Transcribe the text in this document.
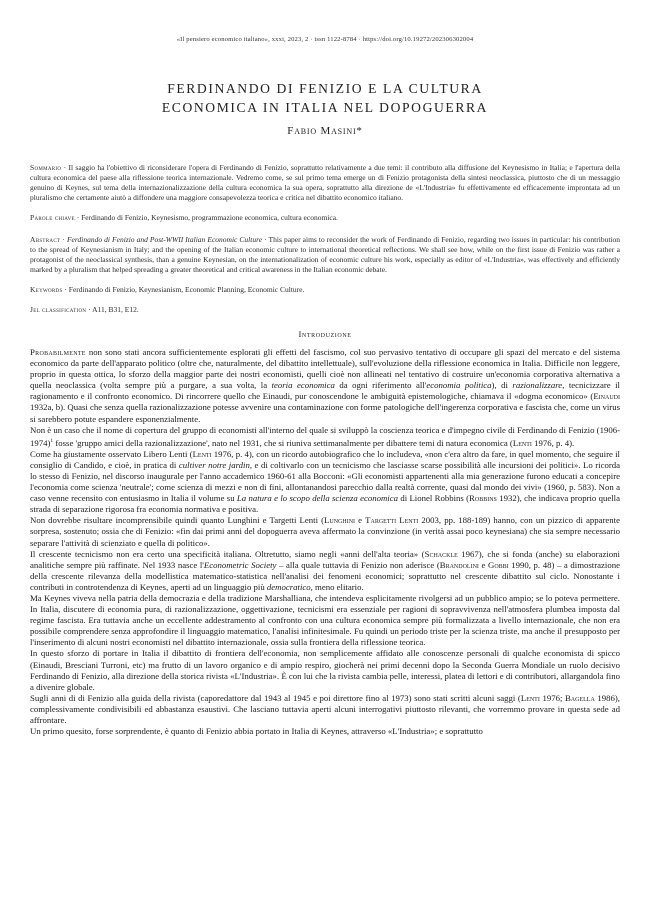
«Il pensiero economico italiano», xxxi, 2023, 2 · issn 1122-8784 · https://doi.org/10.19272/202306302004
FERDINANDO DI FENIZIO E LA CULTURA
ECONOMICA IN ITALIA NEL DOPOGUERRA
Fabio Masini*
Sommario · Il saggio ha l'obiettivo di riconsiderare l'opera di Ferdinando di Fenizio, soprattutto relativamente a due temi: il contributo alla diffusione del Keynesismo in Italia; e l'apertura della cultura economica del paese alla riflessione teorica internazionale. Vedremo come, se sul primo tema emerge un di Fenizio protagonista della sintesi neoclassica, piuttosto che di un messaggio genuino di Keynes, sul tema della internazionalizzazione della cultura economica la sua opera, soprattutto alla direzione de «L'Industria» fu effettivamente ed efficacemente improntata ad un pluralismo che certamente aiutò a diffondere una maggiore consapevolezza teorica e critica nel dibattito economico italiano.
Parole chiave · Ferdinando di Fenizio, Keynesismo, programmazione economica, cultura economica.
Abstract · Ferdinando di Fenizio and Post-WWII Italian Economic Culture · This paper aims to reconsider the work of Ferdinando di Fenizio, regarding two issues in particular: his contribution to the spread of Keynesianism in Italy; and the opening of the Italian economic culture to international theoretical reflections. We shall see how, while on the first issue di Fenizio was rather a protagonist of the neoclassical synthesis, than a genuine Keynesian, on the internationalization of economic culture his work, especially as editor of «L'Industria», was effectively and efficiently marked by a pluralism that helped spreading a greater theoretical and critical awareness in the Italian economic debate.
Keywords · Ferdinando di Fenizio, Keynesianism, Economic Planning, Economic Culture.
Jel classification · A11, B31, E12.
Introduzione

Probabilmente non sono stati ancora sufficientemente esplorati gli effetti del fascismo, col suo pervasivo tentativo di occupare gli spazi del mercato e del sistema economico da parte dell'apparato politico (oltre che, naturalmente, del dibattito intellettuale), sull'evoluzione della riflessione economica in Italia. Difficile non leggere, proprio in questa ottica, lo sforzo della maggior parte dei nostri economisti, quelli cioè non allineati nel tentativo di costruire un'economia corporativa alternativa a quella neoclassica (volta sempre più a purgare, a sua volta, la teoria economica da ogni riferimento all'economia politica), di razionalizzare, tecnicizzare il ragionamento e il confronto economico. Di rincorrere quello che Einaudi, pur conoscendone le ambiguità epistemologiche, chiamava il «dogma economico» (Einaudi 1932a, b). Quasi che senza quella razionalizzazione potesse avvenire una contaminazione con forme patologiche dell'ingerenza corporativa e fascista che, come un virus si sarebbero potute espandere esponenzialmente.

Non è un caso che il nome di copertura del gruppo di economisti all'interno del quale si sviluppò la coscienza teorica e d'impegno civile di Ferdinando di Fenizio (1906-1974)$^1$ fosse 'gruppo amici della razionalizzazione', nato nel 1931, che si riuniva settimanalmente per dibattere temi di natura economica (Lenti 1976, p. 4).

Come ha giustamente osservato Libero Lenti (Lenti 1976, p. 4), con un ricordo autobiografico che lo includeva, «non c'era altro da fare, in quel momento, che seguire il consiglio di Candido, e cioè, in pratica di cultiver notre jardin, e di coltivarlo con un tecnicismo che lasciasse scarse possibilità alle incursioni dei politici». Lo ricorda lo stesso di Fenizio, nel discorso inaugurale per l'anno accademico 1960-61 alla Bocconi: «Gli economisti appartenenti alla mia generazione furono educati a concepire l'economia come scienza 'neutrale'; come scienza di mezzi e non di fini, allontanandosi parecchio dalla realtà corrente, quasi dal mondo dei vivi» (1960, p. 583). Non a caso venne recensito con entusiasmo in Italia il volume su La natura e lo scopo della scienza economica di Lionel Robbins (Robbins 1932), che indicava proprio quella strada di separazione rigorosa fra economia normativa e positiva.

Non dovrebbe risultare incomprensibile quindi quanto Lunghini e Targetti Lenti (Lunghini e Targetti Lenti 2003, pp. 188-189) hanno, con un pizzico di apparente sorpresa, sostenuto; ossia che di Fenizio: «fin dai primi anni del dopoguerra aveva affermato la convinzione (in verità assai poco keynesiana) che sia sempre necessario separare l'attività di scienziato e quella di politico».

Il crescente tecnicismo non era certo una specificità italiana. Oltretutto, siamo negli «anni dell'alta teoria» (Schackle 1967), che si fonda (anche) su elaborazioni analitiche sempre più raffinate. Nel 1933 nasce l'Econometric Society – alla quale tuttavia di Fenizio non aderisce (Brandolini e Gobbi 1990, p. 48) – a dimostrazione della crescente rilevanza della modellistica matematico-statistica nell'analisi dei fenomeni economici; soprattutto nel crescente dibattito sul ciclo. Nonostante i contributi in controtendenza di Keynes, aperti ad un linguaggio più democratico, meno elitario.

Ma Keynes viveva nella patria della democrazia e della tradizione Marshalliana, che intendeva esplicitamente rivolgersi ad un pubblico ampio; se lo poteva permettere. In Italia, discutere di economia pura, di razionalizzazione, oggettivazione, tecnicismi era essenziale per ragioni di sopravvivenza nell'atmosfera plumbea imposta dal regime fascista. Era tuttavia anche un eccellente addestramento al confronto con una cultura economica sempre più formalizzata a livello internazionale, che non era possibile comprendere senza approfondire il linguaggio matematico, l'analisi infinitesimale. Fu quindi un periodo triste per la scienza triste, ma anche il presupposto per l'inserimento di alcuni nostri economisti nel dibattito internazionale, ossia sulla frontiera della riflessione teorica.

In questo sforzo di portare in Italia il dibattito di frontiera dell'economia, non semplicemente affidato alle conoscenze personali di qualche economista di spicco (Einaudi, Bresciani Turroni, etc) ma frutto di un lavoro organico e di ampio respiro, giocherà nei primi decenni dopo la Seconda Guerra Mondiale un ruolo decisivo Ferdinando di Fenizio, alla direzione della storica rivista «L'Industria». È con lui che la rivista cambia pelle, interessi, platea di lettori e di contributori, allargandola fino a divenire globale.

Sugli anni di di Fenizio alla guida della rivista (caporedattore dal 1943 al 1945 e poi direttore fino al 1973) sono stati scritti alcuni saggi (Lenti 1976; Bagella 1986), complessivamente condivisibili ed abbastanza esaustivi. Che lasciano tuttavia aperti alcuni interrogativi piuttosto rilevanti, che vorremmo provare in questa sede ad affrontare.

Un primo quesito, forse sorprendente, è quanto di Fenizio abbia portato in Italia di Keynes, attraverso «L'Industria»; e soprattutto
